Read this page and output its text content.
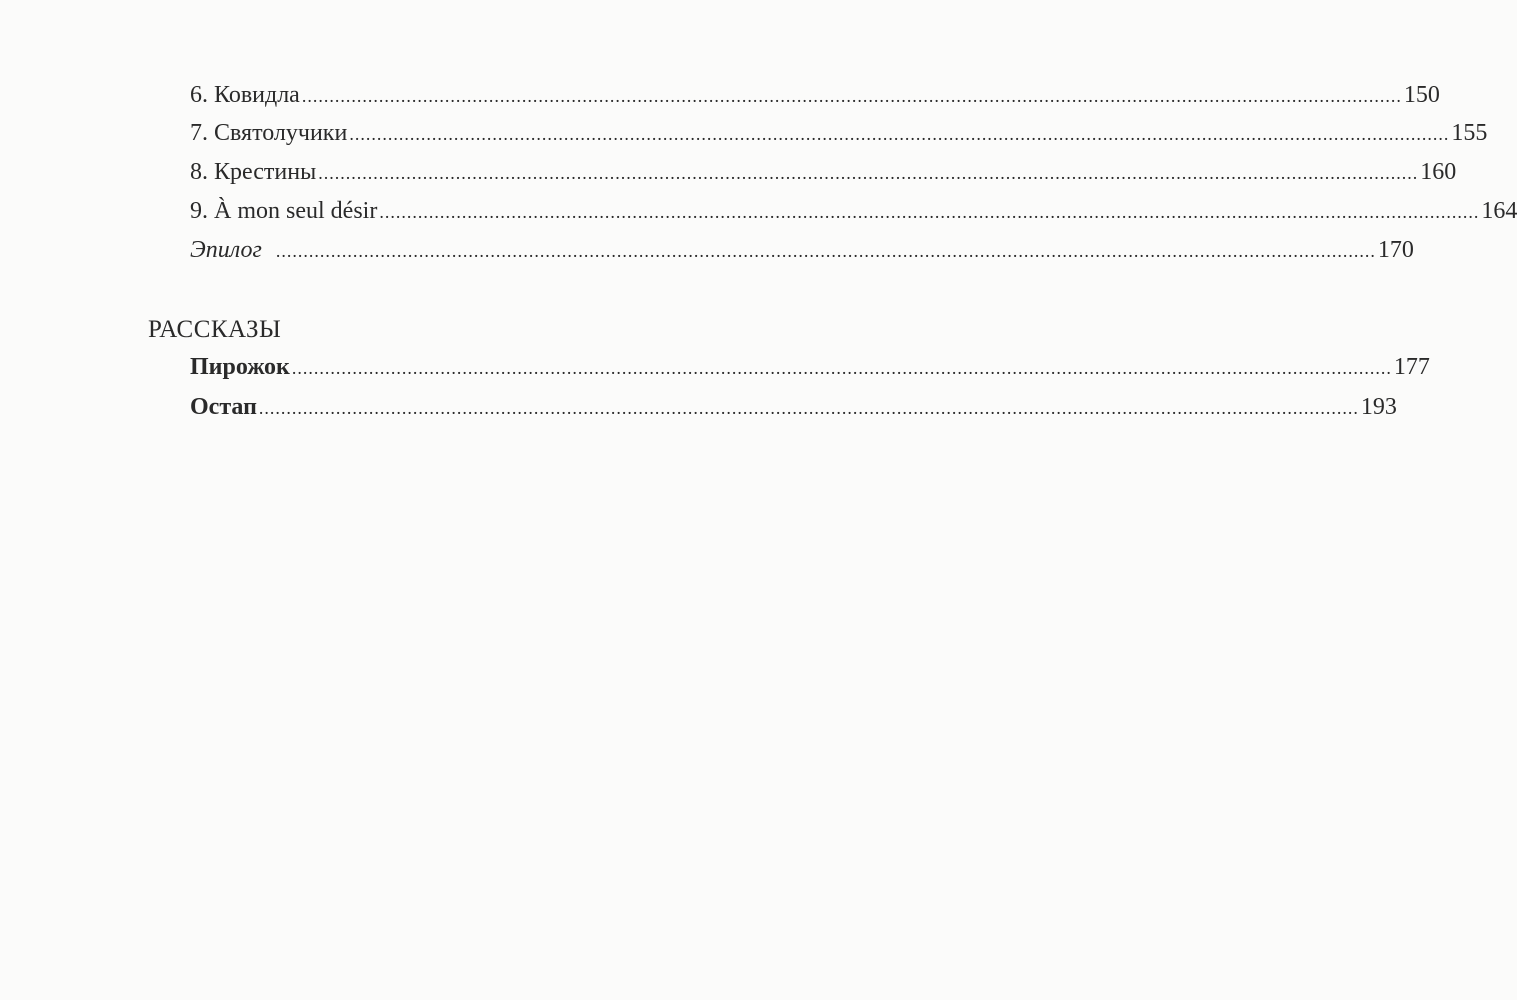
6. Ковидла ........................................................................................................................................................................................................ 150
7. Святолучики ........................................................................................................................................................................................................ 155
8. Крестины ........................................................................................................................................................................................................ 160
9. À mon seul désir ........................................................................................................................................................................................................ 164
Эпилог ........................................................................................................................................................................................................ 170
РАССКАЗЫ
Пирожок ........................................................................................................................................................................................................ 177
Остап ........................................................................................................................................................................................................ 193
